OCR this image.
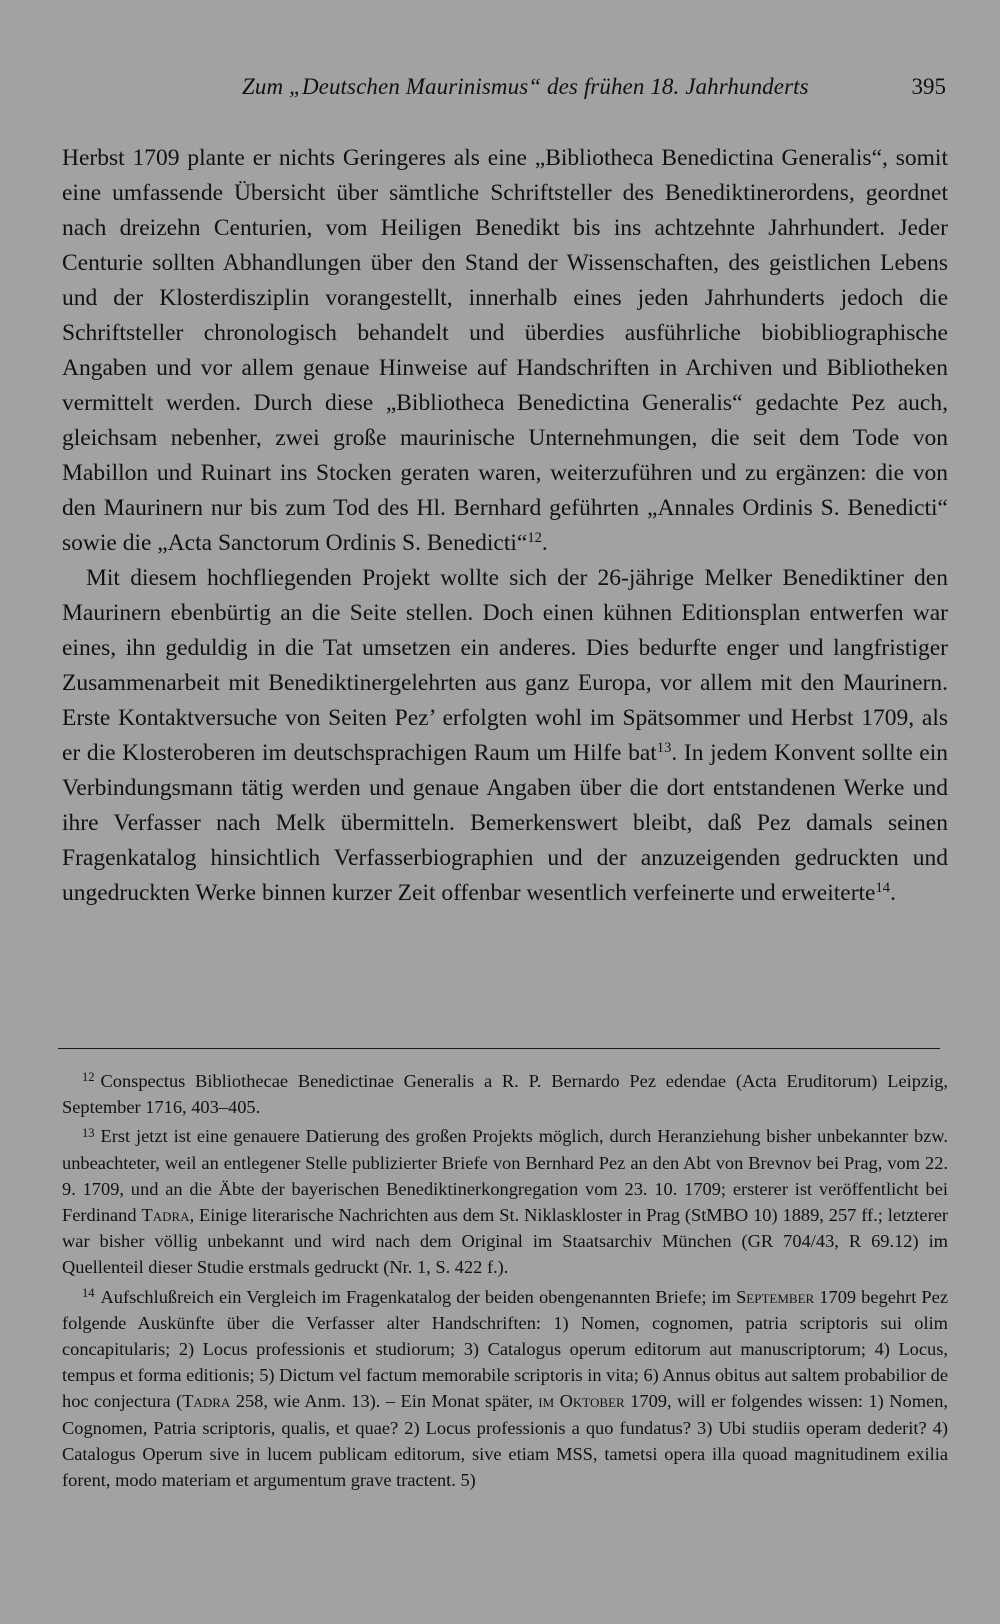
Zum „Deutschen Maurinismus“ des frühen 18. Jahrhunderts	395

Herbst 1709 plante er nichts Geringeres als eine „Bibliotheca Benedictina Generalis“, somit eine umfassende Übersicht über sämtliche Schriftsteller des Benediktinerordens, geordnet nach dreizehn Centurien, vom Heiligen Benedikt bis ins achtzehnte Jahrhundert. Jeder Centurie sollten Abhandlungen über den Stand der Wissenschaften, des geistlichen Lebens und der Klosterdisziplin vorangestellt, innerhalb eines jeden Jahrhunderts jedoch die Schriftsteller chronologisch behandelt und überdies ausführliche biobibliographische Angaben und vor allem genaue Hinweise auf Handschriften in Archiven und Bibliotheken vermittelt werden. Durch diese „Bibliotheca Benedictina Generalis“ gedachte Pez auch, gleichsam nebenher, zwei große maurinische Unternehmungen, die seit dem Tode von Mabillon und Ruinart ins Stocken geraten waren, weiterzuführen und zu ergänzen: die von den Maurinern nur bis zum Tod des Hl. Bernhard geführten „Annales Ordinis S. Benedicti“ sowie die „Acta Sanctorum Ordinis S. Benedicti“$^{12}$.

Mit diesem hochfliegenden Projekt wollte sich der 26-jährige Melker Benediktiner den Maurinern ebenbürtig an die Seite stellen. Doch einen kühnen Editionsplan entwerfen war eines, ihn geduldig in die Tat umsetzen ein anderes. Dies bedurfte enger und langfristiger Zusammenarbeit mit Benediktinergelehrten aus ganz Europa, vor allem mit den Maurinern. Erste Kontaktversuche von Seiten Pez’ erfolgten wohl im Spätsommer und Herbst 1709, als er die Klosteroberen im deutschsprachigen Raum um Hilfe bat$^{13}$. In jedem Konvent sollte ein Verbindungsmann tätig werden und genaue Angaben über die dort entstandenen Werke und ihre Verfasser nach Melk übermitteln. Bemerkenswert bleibt, daß Pez damals seinen Fragenkatalog hinsichtlich Verfasserbiographien und der anzuzeigenden gedruckten und ungedruckten Werke binnen kurzer Zeit offenbar wesentlich verfeinerte und erweiterte$^{14}$.

$^{12}$ Conspectus Bibliothecae Benedictinae Generalis a R. P. Bernardo Pez edendae (Acta Eruditorum) Leipzig, September 1716, 403–405.

$^{13}$ Erst jetzt ist eine genauere Datierung des großen Projekts möglich, durch Heranziehung bisher unbekannter bzw. unbeachteter, weil an entlegener Stelle publizierter Briefe von Bernhard Pez an den Abt von Brevnov bei Prag, vom 22. 9. 1709, und an die Äbte der bayerischen Benediktinerkongregation vom 23. 10. 1709; ersterer ist veröffentlicht bei Ferdinand Tadra, Einige literarische Nachrichten aus dem St. Niklaskloster in Prag (StMBO 10) 1889, 257 ff.; letzterer war bisher völlig unbekannt und wird nach dem Original im Staatsarchiv München (GR 704/43, R 69.12) im Quellenteil dieser Studie erstmals gedruckt (Nr. 1, S. 422 f.).

$^{14}$ Aufschlußreich ein Vergleich im Fragenkatalog der beiden obengenannten Briefe; im September 1709 begehrt Pez folgende Auskünfte über die Verfasser alter Handschriften: 1) Nomen, cognomen, patria scriptoris sui olim concapitularis; 2) Locus professionis et studiorum; 3) Catalogus operum editorum aut manuscriptorum; 4) Locus, tempus et forma editionis; 5) Dictum vel factum memorabile scriptoris in vita; 6) Annus obitus aut saltem probabilior de hoc conjectura (Tadra 258, wie Anm. 13). – Ein Monat später, im Oktober 1709, will er folgendes wissen: 1) Nomen, Cognomen, Patria scriptoris, qualis, et quae? 2) Locus professionis a quo fundatus? 3) Ubi studiis operam dederit? 4) Catalogus Operum sive in lucem publicam editorum, sive etiam MSS, tametsi opera illa quoad magnitudinem exilia forent, modo materiam et argumentum grave tractent. 5)
